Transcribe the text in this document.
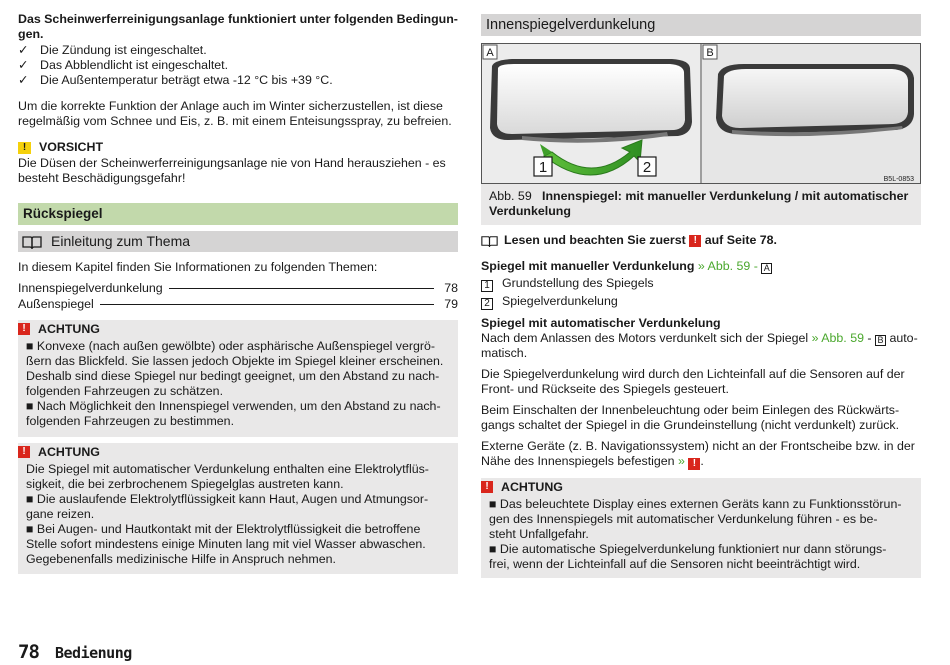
Das Scheinwerferreinigungsanlage funktioniert unter folgenden Bedingun-
gen.

✓ Die Zündung ist eingeschaltet.
✓ Das Abblendlicht ist eingeschaltet.
✓ Die Außentemperatur beträgt etwa -12 °C bis +39 °C.

Um die korrekte Funktion der Anlage auch im Winter sicherzustellen, ist diese
regelmäßig vom Schnee und Eis, z. B. mit einem Enteisungsspray, zu befreien.

!	VORSICHT

Die Düsen der Scheinwerferreinigungsanlage nie von Hand herausziehen - es
besteht Beschädigungsgefahr!

Rückspiegel
Einleitung zum Thema

In diesem Kapitel finden Sie Informationen zu folgenden Themen:

Innenspiegelverdunkelung	78
Außenspiegel	79
! ACHTUNG

■ Konvexe (nach außen gewölbte) oder asphärische Außenspiegel vergrö-
ßern das Blickfeld. Sie lassen jedoch Objekte im Spiegel kleiner erscheinen.
Deshalb sind diese Spiegel nur bedingt geeignet, um den Abstand zu nach-
folgenden Fahrzeugen zu schätzen.
■ Nach Möglichkeit den Innenspiegel verwenden, um den Abstand zu nach-
folgenden Fahrzeugen zu bestimmen.

! ACHTUNG

Die Spiegel mit automatischer Verdunkelung enthalten eine Elektrolytflüs-
sigkeit, die bei zerbrochenem Spiegelglas austreten kann.
■ Die auslaufende Elektrolytflüssigkeit kann Haut, Augen und Atmungsor-
gane reizen.
■ Bei Augen- und Hautkontakt mit der Elektrolytflüssigkeit die betroffene
Stelle sofort mindestens einige Minuten lang mit viel Wasser abwaschen.
Gegebenenfalls medizinische Hilfe in Anspruch nehmen.

Innenspiegelverdunkelung
A
1	2
B
B5L-0853
Abb. 59 Innenspiegel: mit manueller Verdunkelung / mit automatischer
Verdunkelung
Lesen und beachten Sie zuerst
!
auf Seite 78.
Spiegel mit manueller Verdunkelung » Abb. 59 - A
1 Grundstellung des Spiegels
2 Spiegelverdunkelung

Spiegel mit automatischer Verdunkelung

Nach dem Anlassen des Motors verdunkelt sich der Spiegel » Abb. 59 - B auto-

matisch.

Die Spiegelverdunkelung wird durch den Lichteinfall auf die Sensoren auf der
Front- und Rückseite des Spiegels gesteuert.

Beim Einschalten der Innenbeleuchtung oder beim Einlegen des Rückwärts-
gangs schaltet der Spiegel in die Grundeinstellung (nicht verdunkelt) zurück.

Externe Geräte (z. B. Navigationssystem) nicht an der Frontscheibe bzw. in der

Nähe des Innenspiegels befestigen » ! .

! ACHTUNG

■ Das beleuchtete Display eines externen Geräts kann zu Funktionsstörun-
gen des Innenspiegels mit automatischer Verdunkelung führen - es be-
steht Unfallgefahr.
■ Die automatische Spiegelverdunkelung funktioniert nur dann störungs-
frei, wenn der Lichteinfall auf die Sensoren nicht beeinträchtigt wird.

78 Bedienung
